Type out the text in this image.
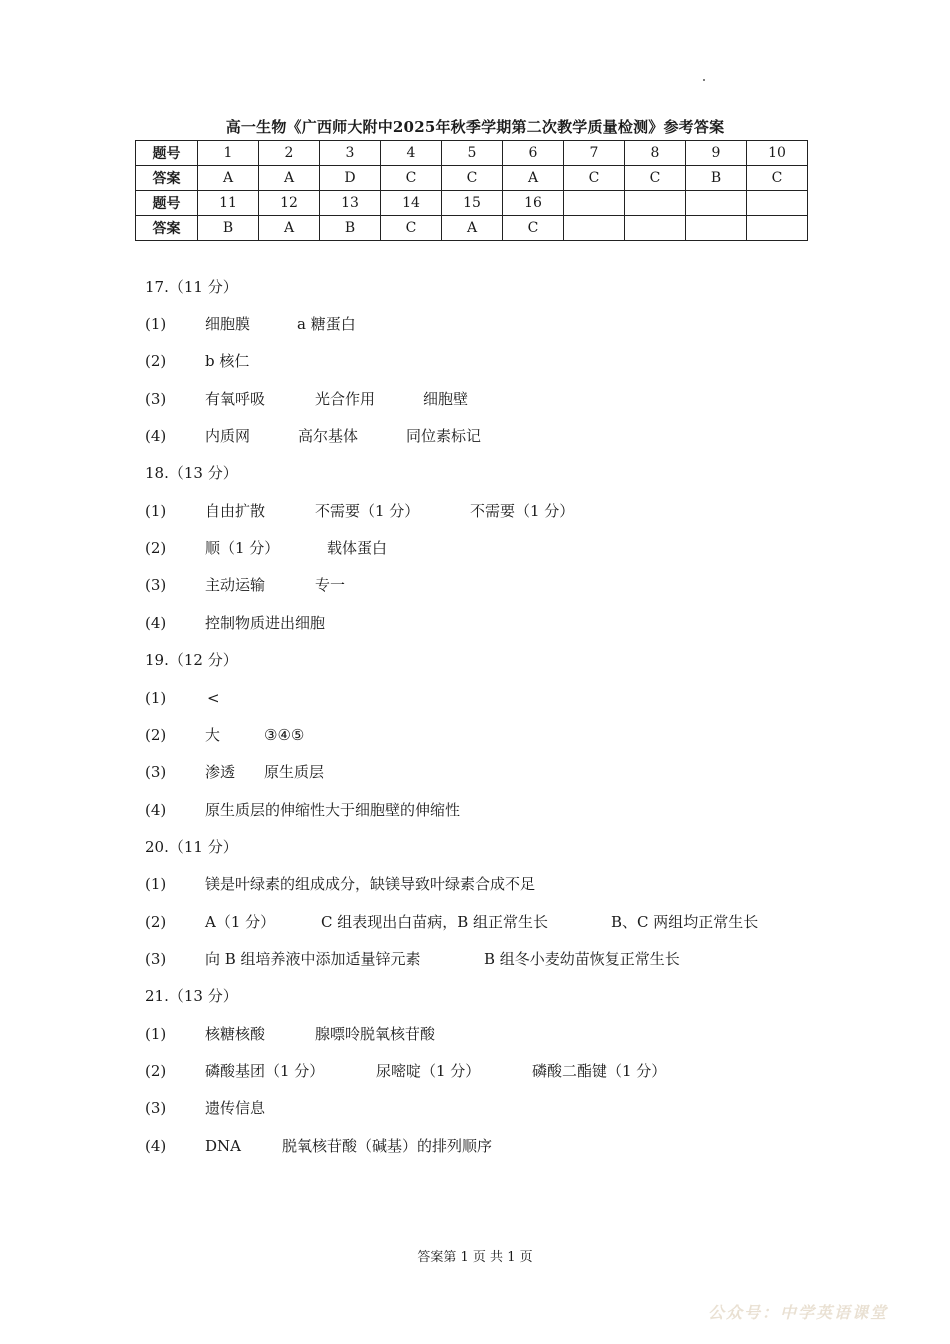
高一生物《广西师大附中2025年秋季学期第二次教学质量检测》参考答案
题号	1	2	3	4	5	6	7	8	9	10
答案	A	A	D	C	C	A	C	C	B	C
题号	11	12	13	14	15	16				
答案	B	A	B	C	A	C				
17.（11 分）
(1)	细胞膜	a 糖蛋白
(2)	b 核仁
(3)	有氧呼吸	光合作用	细胞壁
(4)	内质网	高尔基体	同位素标记
18.（13 分）
(1)	自由扩散	不需要（1 分）	不需要（1 分）
(2)	顺（1 分）	载体蛋白
(3)	主动运输	专一
(4)	控制物质进出细胞
19.（12 分）
(1)	<
(2)	大	③④⑤
(3)	渗透 原生质层
(4)	原生质层的伸缩性大于细胞壁的伸缩性
20.（11 分）
(1)	镁是叶绿素的组成成分，缺镁导致叶绿素合成不足
(2)	A（1 分）	C 组表现出白苗病，B 组正常生长	B、C 两组均正常生长
(3)	向 B 组培养液中添加适量锌元素	B 组冬小麦幼苗恢复正常生长
21.（13 分）
(1)	核糖核酸	腺嘌呤脱氧核苷酸
(2)	磷酸基团（1 分）	尿嘧啶（1 分）	磷酸二酯键（1 分）
(3)	遗传信息
(4)	DNA	脱氧核苷酸（碱基）的排列顺序
答案第 1 页 共 1 页
公众号：中学英语课堂
